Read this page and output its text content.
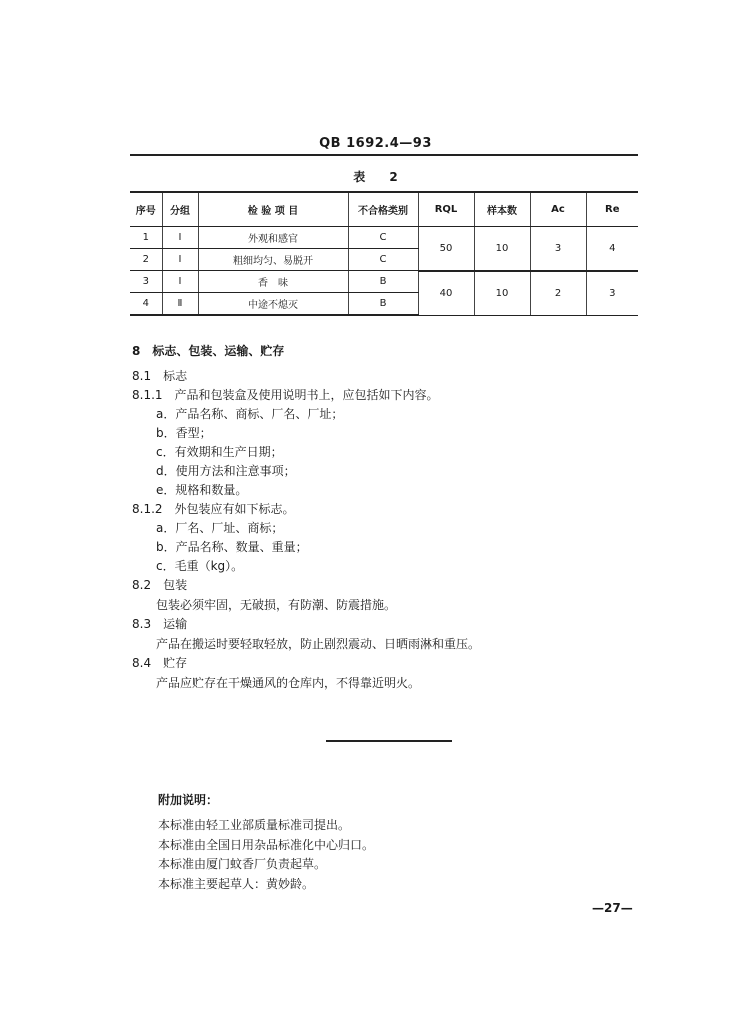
QB 1692.4—93
表 2
序号	分组	检 验 项 目	不合格类别	RQL	样本数	Ac	Re
1	Ⅰ	外观和感官	C	50	10	3	4
2	Ⅰ	粗细均匀、易脱开	C				
3	Ⅰ	香　味	B	40	10	2	3
4	Ⅱ	中途不熄灭	B				
8　标志、包装、运输、贮存
8.1　标志
8.1.1　产品和包装盒及使用说明书上，应包括如下内容。
a．产品名称、商标、厂名、厂址；
b．香型；
c．有效期和生产日期；
d．使用方法和注意事项；
e．规格和数量。
8.1.2　外包装应有如下标志。
a．厂名、厂址、商标；
b．产品名称、数量、重量；
c．毛重（kg）。
8.2　包装
包装必须牢固，无破损，有防潮、防震措施。
8.3　运输
产品在搬运时要轻取轻放，防止剧烈震动、日晒雨淋和重压。
8.4　贮存
产品应贮存在干燥通风的仓库内，不得靠近明火。
附加说明：
本标准由轻工业部质量标准司提出。
本标准由全国日用杂品标准化中心归口。
本标准由厦门蚊香厂负责起草。
本标准主要起草人：黄妙龄。
—27—
